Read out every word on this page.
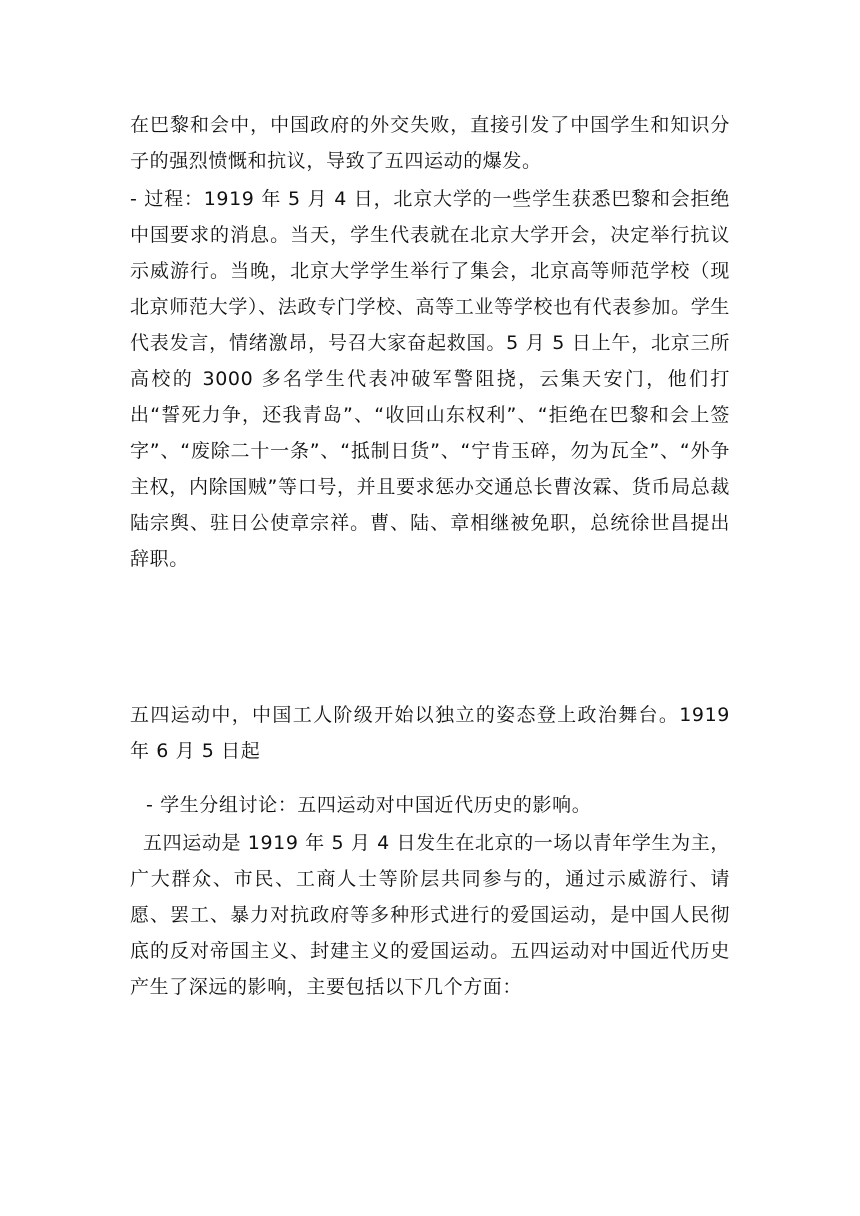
在巴黎和会中，中国政府的外交失败，直接引发了中国学生和知识分子的强烈愤慨和抗议，导致了五四运动的爆发。

- 过程：1919 年 5 月 4 日，北京大学的一些学生获悉巴黎和会拒绝中国要求的消息。当天，学生代表就在北京大学开会，决定举行抗议示威游行。当晚，北京大学学生举行了集会，北京高等师范学校（现北京师范大学）、法政专门学校、高等工业等学校也有代表参加。学生代表发言，情绪激昂，号召大家奋起救国。5 月 5 日上午，北京三所高校的 3000 多名学生代表冲破军警阻挠，云集天安门，他们打出“誓死力争，还我青岛”、“收回山东权利”、“拒绝在巴黎和会上签字”、“废除二十一条”、“抵制日货”、“宁肯玉碎，勿为瓦全”、“外争主权，内除国贼”等口号，并且要求惩办交通总长曹汝霖、货币局总裁陆宗舆、驻日公使章宗祥。曹、陆、章相继被免职，总统徐世昌提出辞职。

五四运动中，中国工人阶级开始以独立的姿态登上政治舞台。1919 年 6 月 5 日起

- 学生分组讨论：五四运动对中国近代历史的影响。

五四运动是 1919 年 5 月 4 日发生在北京的一场以青年学生为主，广大群众、市民、工商人士等阶层共同参与的，通过示威游行、请愿、罢工、暴力对抗政府等多种形式进行的爱国运动，是中国人民彻底的反对帝国主义、封建主义的爱国运动。五四运动对中国近代历史产生了深远的影响，主要包括以下几个方面：
